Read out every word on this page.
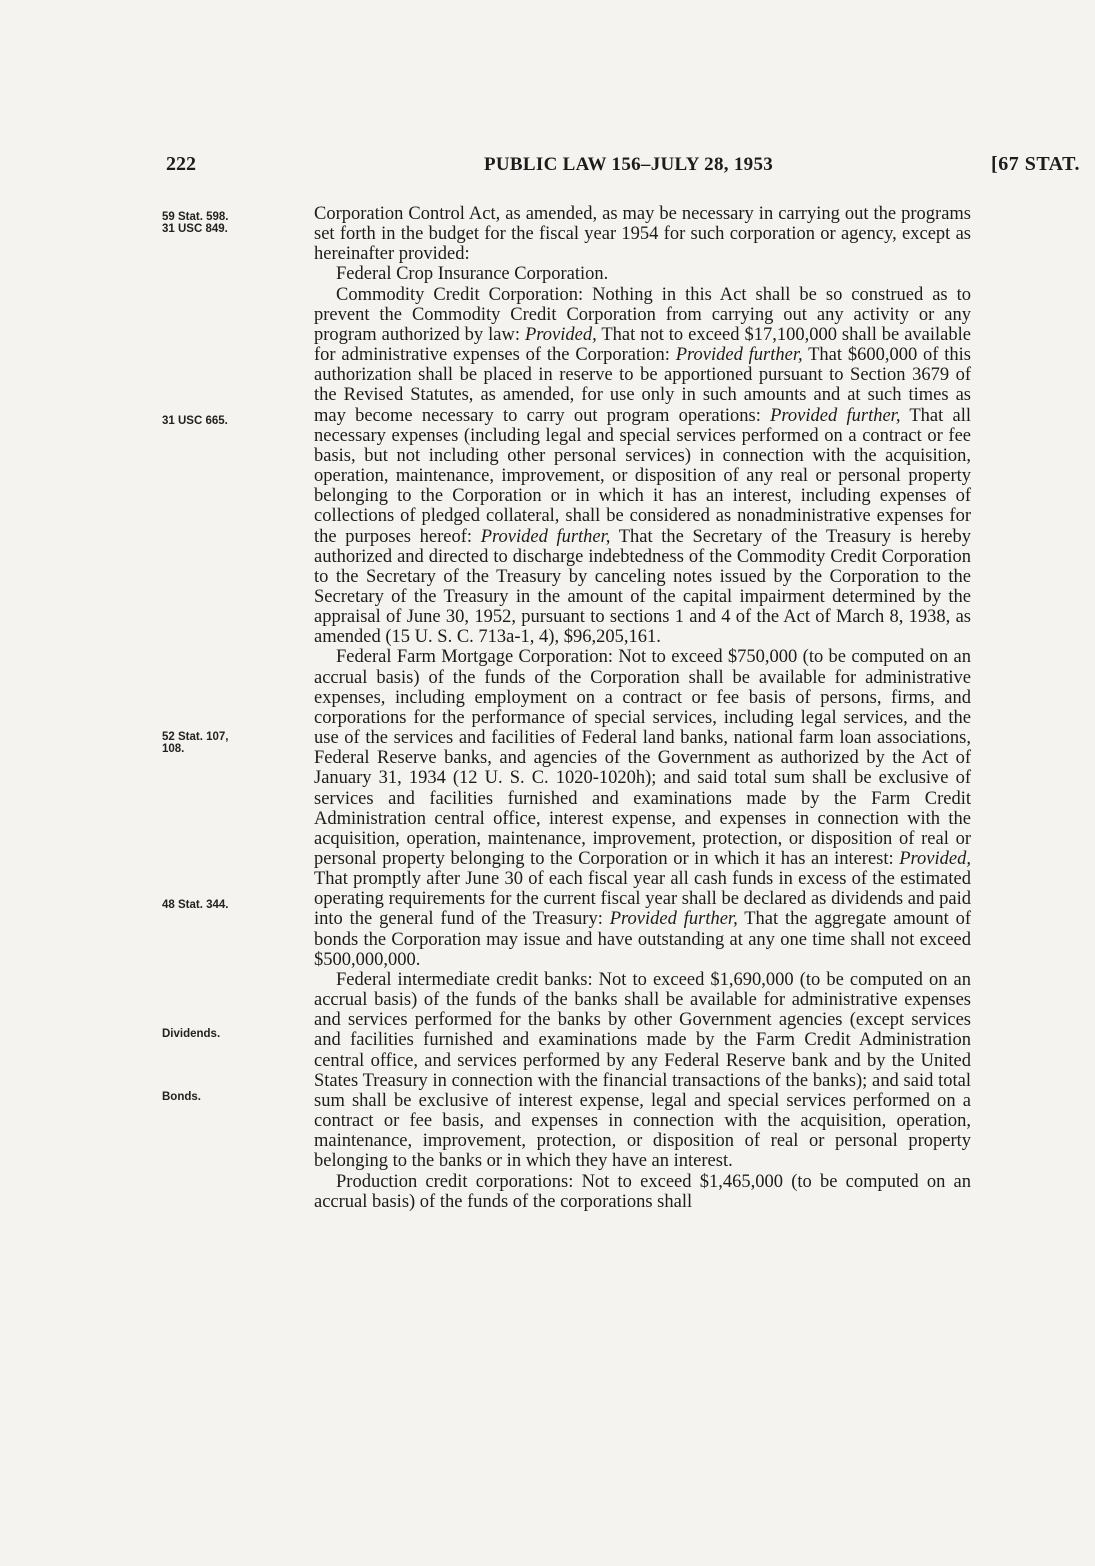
222	PUBLIC LAW 156–JULY 28, 1953	[67 STAT.
59 Stat. 598.
31 USC 849.
31 USC 665.
52 Stat. 107,
108.
48 Stat. 344.
Dividends.
Bonds.

Corporation Control Act, as amended, as may be necessary in carrying out the programs set forth in the budget for the fiscal year 1954 for such corporation or agency, except as hereinafter provided:

Federal Crop Insurance Corporation.

Commodity Credit Corporation: Nothing in this Act shall be so construed as to prevent the Commodity Credit Corporation from carrying out any activity or any program authorized by law: Provided, That not to exceed $17,100,000 shall be available for administrative expenses of the Corporation: Provided further, That $600,000 of this authorization shall be placed in reserve to be apportioned pursuant to Section 3679 of the Revised Statutes, as amended, for use only in such amounts and at such times as may become necessary to carry out program operations: Provided further, That all necessary expenses (including legal and special services performed on a contract or fee basis, but not including other personal services) in connection with the acquisition, operation, maintenance, improvement, or disposition of any real or personal property belonging to the Corporation or in which it has an interest, including expenses of collections of pledged collateral, shall be considered as nonadministrative expenses for the purposes hereof: Provided further, That the Secretary of the Treasury is hereby authorized and directed to discharge indebtedness of the Commodity Credit Corporation to the Secretary of the Treasury by canceling notes issued by the Corporation to the Secretary of the Treasury in the amount of the capital impairment determined by the appraisal of June 30, 1952, pursuant to sections 1 and 4 of the Act of March 8, 1938, as amended (15 U. S. C. 713a-1, 4), $96,205,161.

Federal Farm Mortgage Corporation: Not to exceed $750,000 (to be computed on an accrual basis) of the funds of the Corporation shall be available for administrative expenses, including employment on a contract or fee basis of persons, firms, and corporations for the performance of special services, including legal services, and the use of the services and facilities of Federal land banks, national farm loan associations, Federal Reserve banks, and agencies of the Government as authorized by the Act of January 31, 1934 (12 U. S. C. 1020-1020h); and said total sum shall be exclusive of services and facilities furnished and examinations made by the Farm Credit Administration central office, interest expense, and expenses in connection with the acquisition, operation, maintenance, improvement, protection, or disposition of real or personal property belonging to the Corporation or in which it has an interest: Provided, That promptly after June 30 of each fiscal year all cash funds in excess of the estimated operating requirements for the current fiscal year shall be declared as dividends and paid into the general fund of the Treasury: Provided further, That the aggregate amount of bonds the Corporation may issue and have outstanding at any one time shall not exceed $500,000,000.

Federal intermediate credit banks: Not to exceed $1,690,000 (to be computed on an accrual basis) of the funds of the banks shall be available for administrative expenses and services performed for the banks by other Government agencies (except services and facilities furnished and examinations made by the Farm Credit Administration central office, and services performed by any Federal Reserve bank and by the United States Treasury in connection with the financial transactions of the banks); and said total sum shall be exclusive of interest expense, legal and special services performed on a contract or fee basis, and expenses in connection with the acquisition, operation, maintenance, improvement, protection, or disposition of real or personal property belonging to the banks or in which they have an interest.

Production credit corporations: Not to exceed $1,465,000 (to be computed on an accrual basis) of the funds of the corporations shall
